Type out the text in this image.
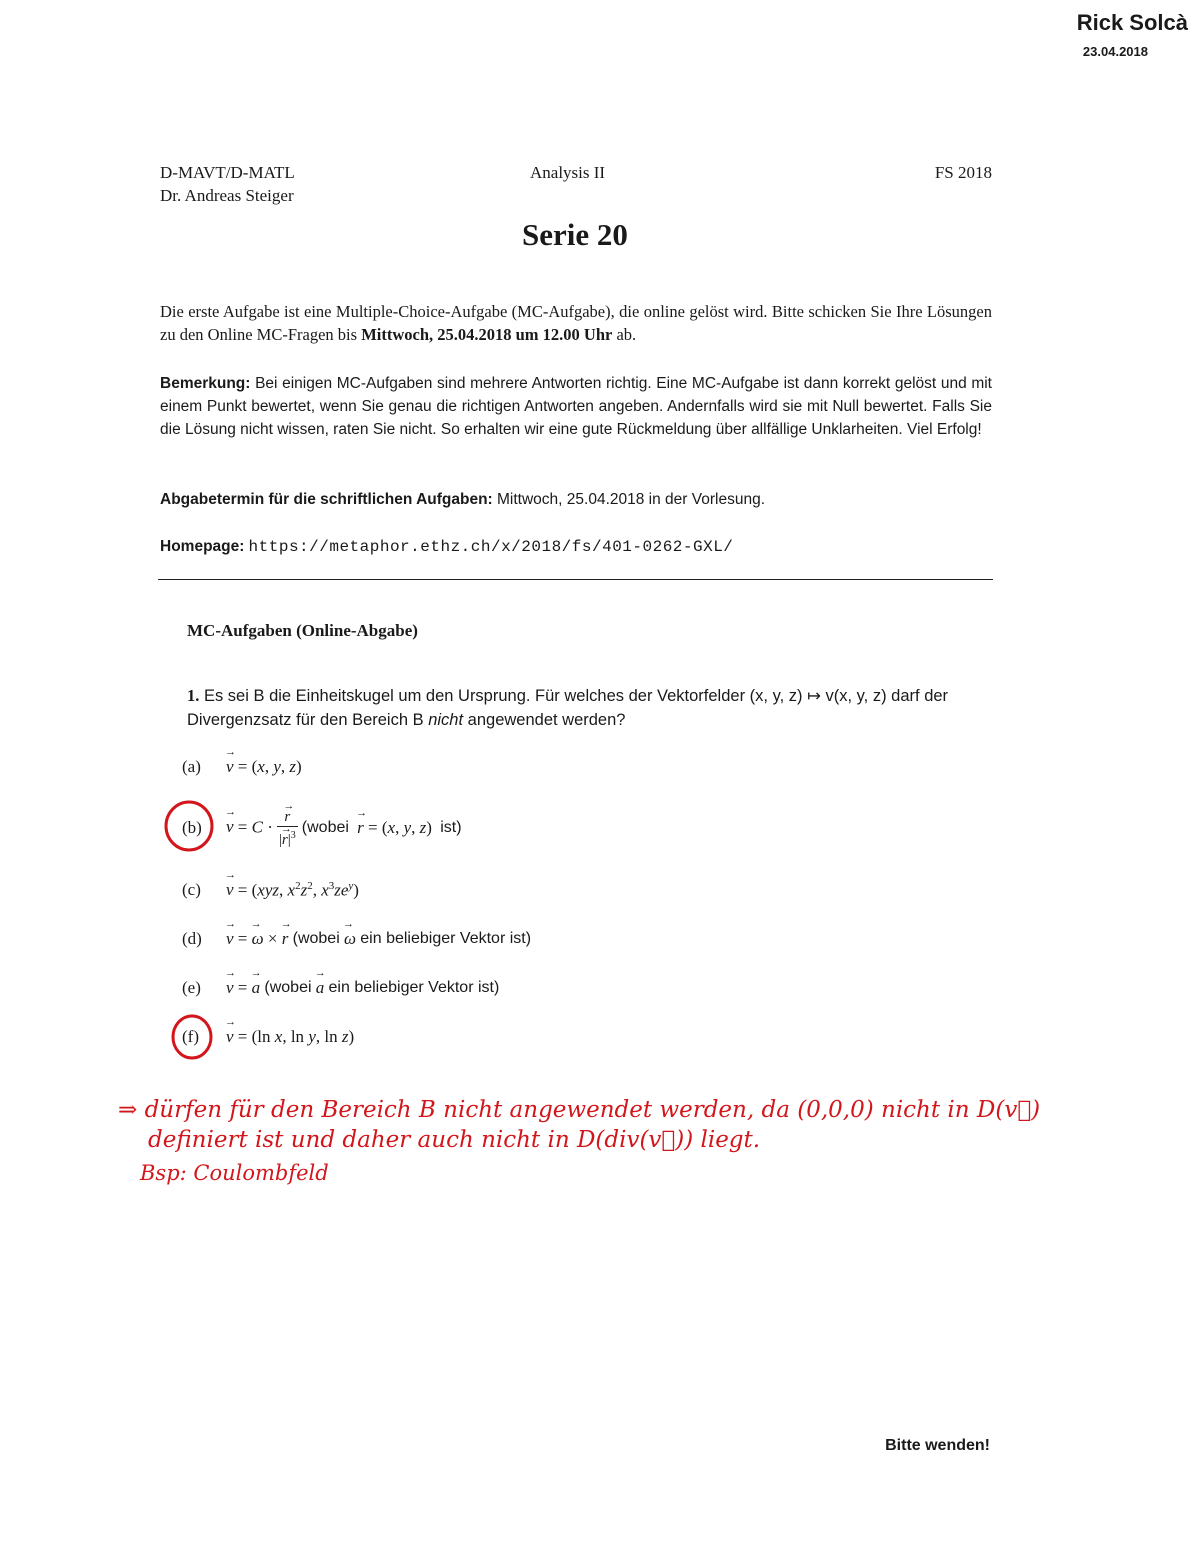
Rick Solcà
23.04.2018
D-MAVT/D-MATL	Analysis II	FS 2018
Dr. Andreas Steiger
Serie 20
Die erste Aufgabe ist eine Multiple-Choice-Aufgabe (MC-Aufgabe), die online gelöst wird. Bitte schicken Sie Ihre Lösungen zu den Online MC-Fragen bis Mittwoch, 25.04.2018 um 12.00 Uhr ab.
Bemerkung: Bei einigen MC-Aufgaben sind mehrere Antworten richtig. Eine MC-Aufgabe ist dann korrekt gelöst und mit einem Punkt bewertet, wenn Sie genau die richtigen Antworten angeben. Andernfalls wird sie mit Null bewertet. Falls Sie die Lösung nicht wissen, raten Sie nicht. So erhalten wir eine gute Rückmeldung über allfällige Unklarheiten. Viel Erfolg!
Abgabetermin für die schriftlichen Aufgaben: Mittwoch, 25.04.2018 in der Vorlesung.
Homepage: https://metaphor.ethz.ch/x/2018/fs/401-0262-GXL/
MC-Aufgaben (Online-Abgabe)
1. Es sei B die Einheitskugel um den Ursprung. Für welches der Vektorfelder (x, y, z) ↦ v(x, y, z) darf der Divergenzsatz für den Bereich B nicht angewendet werden?
(a)	→ v = (x, y, z)
(b)	→ v = C · → $\frac{r}{|\to r|^3}$ (wobei → r = (x, y, z) ist)
(c)	→ v = (xyz, $x^2z^2$, $x^3ze^y$)
(d)	→ v = → ω × → r (wobei → ω ein beliebiger Vektor ist)
(e)	→ v = → a (wobei → a ein beliebiger Vektor ist)
(f)	→ v = (ln x, ln y, ln z)
⇒ dürfen für den Bereich B nicht angewendet werden, da (0,0,0) nicht in D(v⃗)
definiert ist und daher auch nicht in D(div(v⃗)) liegt.
Bsp: Coulombfeld
Bitte wenden!
